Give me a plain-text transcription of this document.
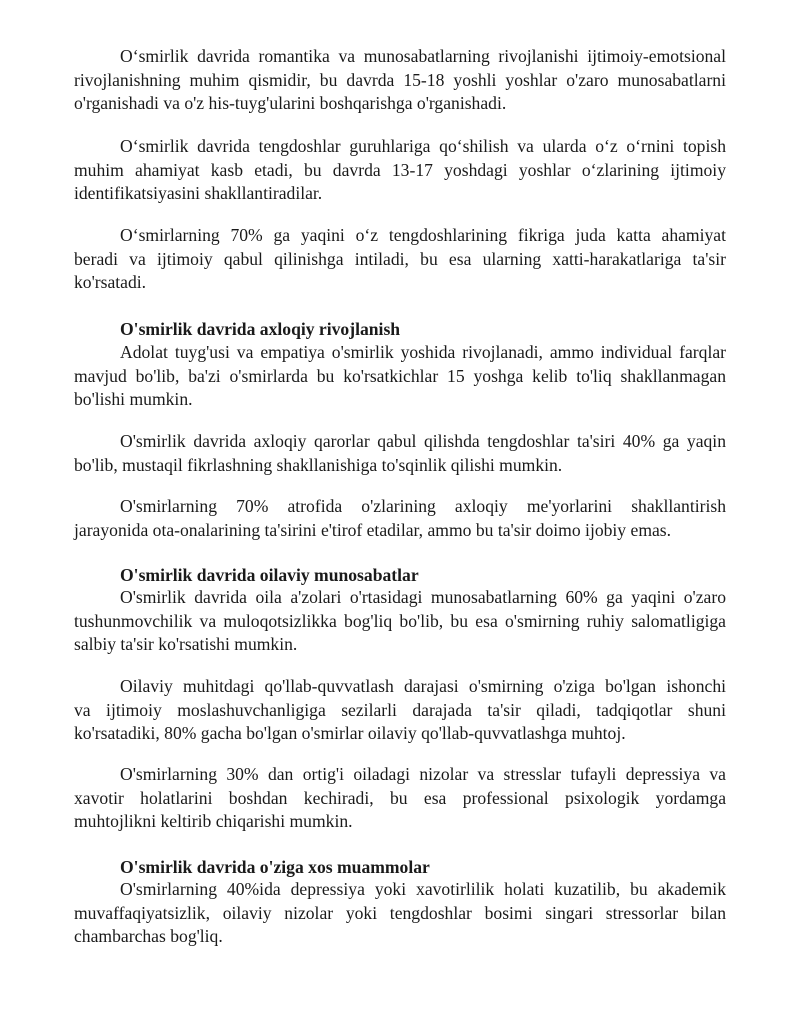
O‘smirlik davrida romantika va munosabatlarning rivojlanishi ijtimoiy-emotsional
rivojlanishning muhim qismidir, bu davrda 15-18 yoshli yoshlar o'zaro munosabatlarni
o'rganishadi va o'z his-tuyg'ularini boshqarishga o'rganishadi.

O‘smirlik davrida tengdoshlar guruhlariga qo‘shilish va ularda o‘z o‘rnini topish
muhim ahamiyat kasb etadi, bu davrda 13-17 yoshdagi yoshlar o‘zlarining ijtimoiy
identifikatsiyasini shakllantiradilar.

O‘smirlarning 70% ga yaqini o‘z tengdoshlarining fikriga juda katta ahamiyat
beradi va ijtimoiy qabul qilinishga intiladi, bu esa ularning xatti-harakatlariga ta'sir
ko'rsatadi.

O'smirlik davrida axloqiy rivojlanish

Adolat tuyg'usi va empatiya o'smirlik yoshida rivojlanadi, ammo individual farqlar
mavjud bo'lib, ba'zi o'smirlarda bu ko'rsatkichlar 15 yoshga kelib to'liq shakllanmagan
bo'lishi mumkin.

O'smirlik davrida axloqiy qarorlar qabul qilishda tengdoshlar ta'siri 40% ga yaqin
bo'lib, mustaqil fikrlashning shakllanishiga to'sqinlik qilishi mumkin.

O'smirlarning 70% atrofida o'zlarining axloqiy me'yorlarini shakllantirish
jarayonida ota-onalarining ta'sirini e'tirof etadilar, ammo bu ta'sir doimo ijobiy emas.

O'smirlik davrida oilaviy munosabatlar

O'smirlik davrida oila a'zolari o'rtasidagi munosabatlarning 60% ga yaqini o'zaro
tushunmovchilik va muloqotsizlikka bog'liq bo'lib, bu esa o'smirning ruhiy salomatligiga
salbiy ta'sir ko'rsatishi mumkin.

Oilaviy muhitdagi qo'llab-quvvatlash darajasi o'smirning o'ziga bo'lgan ishonchi
va ijtimoiy moslashuvchanligiga sezilarli darajada ta'sir qiladi, tadqiqotlar shuni
ko'rsatadiki, 80% gacha bo'lgan o'smirlar oilaviy qo'llab-quvvatlashga muhtoj.

O'smirlarning 30% dan ortig'i oiladagi nizolar va stresslar tufayli depressiya va
xavotir holatlarini boshdan kechiradi, bu esa professional psixologik yordamga
muhtojlikni keltirib chiqarishi mumkin.

O'smirlik davrida o'ziga xos muammolar

O'smirlarning 40%ida depressiya yoki xavotirlilik holati kuzatilib, bu akademik
muvaffaqiyatsizlik, oilaviy nizolar yoki tengdoshlar bosimi singari stressorlar bilan
chambarchas bog'liq.
